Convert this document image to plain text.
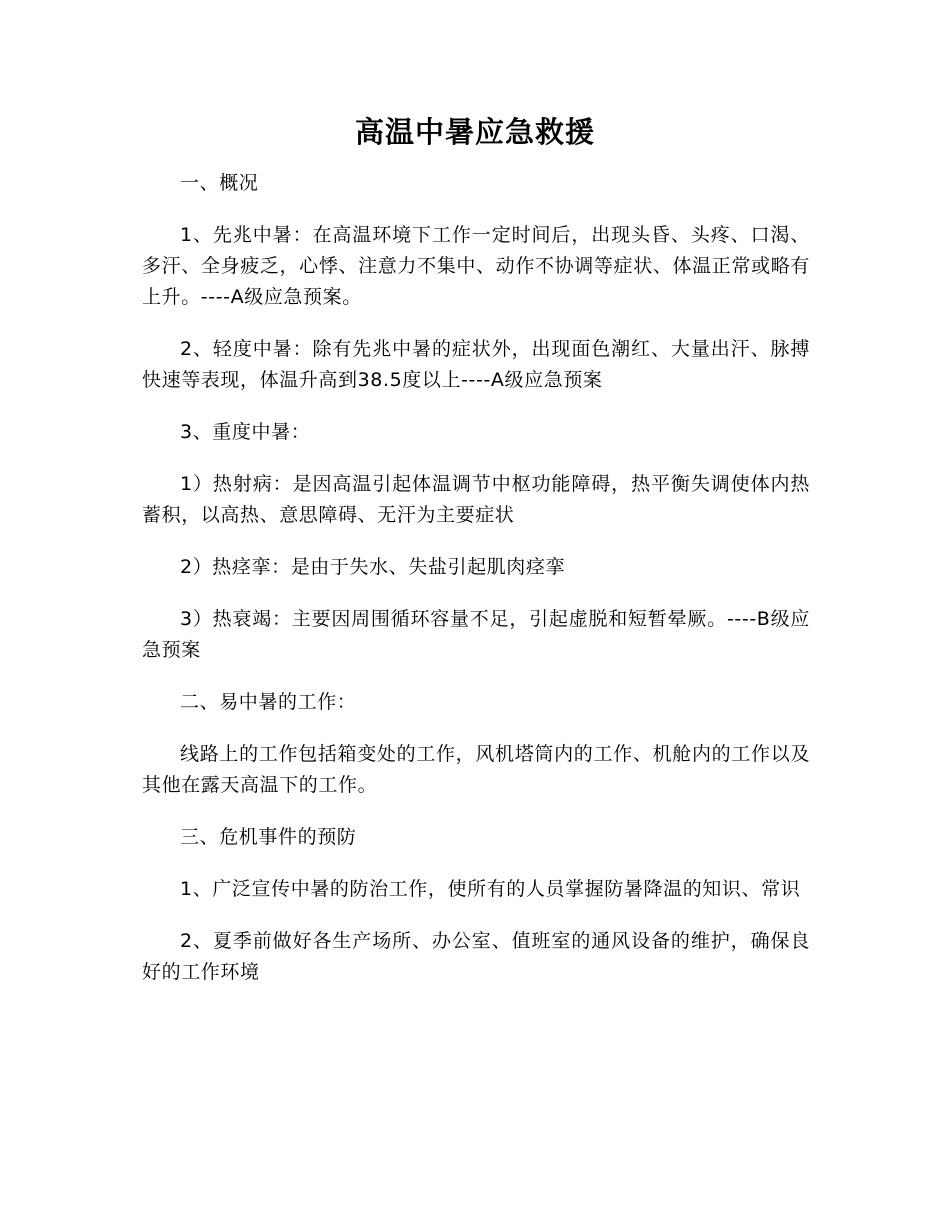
高温中暑应急救援
一、概况
1、先兆中暑：在高温环境下工作一定时间后，出现头昏、头疼、口渴、多汗、全身疲乏，心悸、注意力不集中、动作不协调等症状、体温正常或略有上升。----A级应急预案。
2、轻度中暑：除有先兆中暑的症状外，出现面色潮红、大量出汗、脉搏快速等表现，体温升高到38.5度以上----A级应急预案
3、重度中暑：
1）热射病：是因高温引起体温调节中枢功能障碍，热平衡失调使体内热蓄积，以高热、意思障碍、无汗为主要症状
2）热痉挛：是由于失水、失盐引起肌肉痉挛
3）热衰竭：主要因周围循环容量不足，引起虚脱和短暂晕厥。----B级应急预案
二、易中暑的工作：
线路上的工作包括箱变处的工作，风机塔筒内的工作、机舱内的工作以及其他在露天高温下的工作。
三、危机事件的预防
1、广泛宣传中暑的防治工作，使所有的人员掌握防暑降温的知识、常识
2、夏季前做好各生产场所、办公室、值班室的通风设备的维护，确保良好的工作环境
